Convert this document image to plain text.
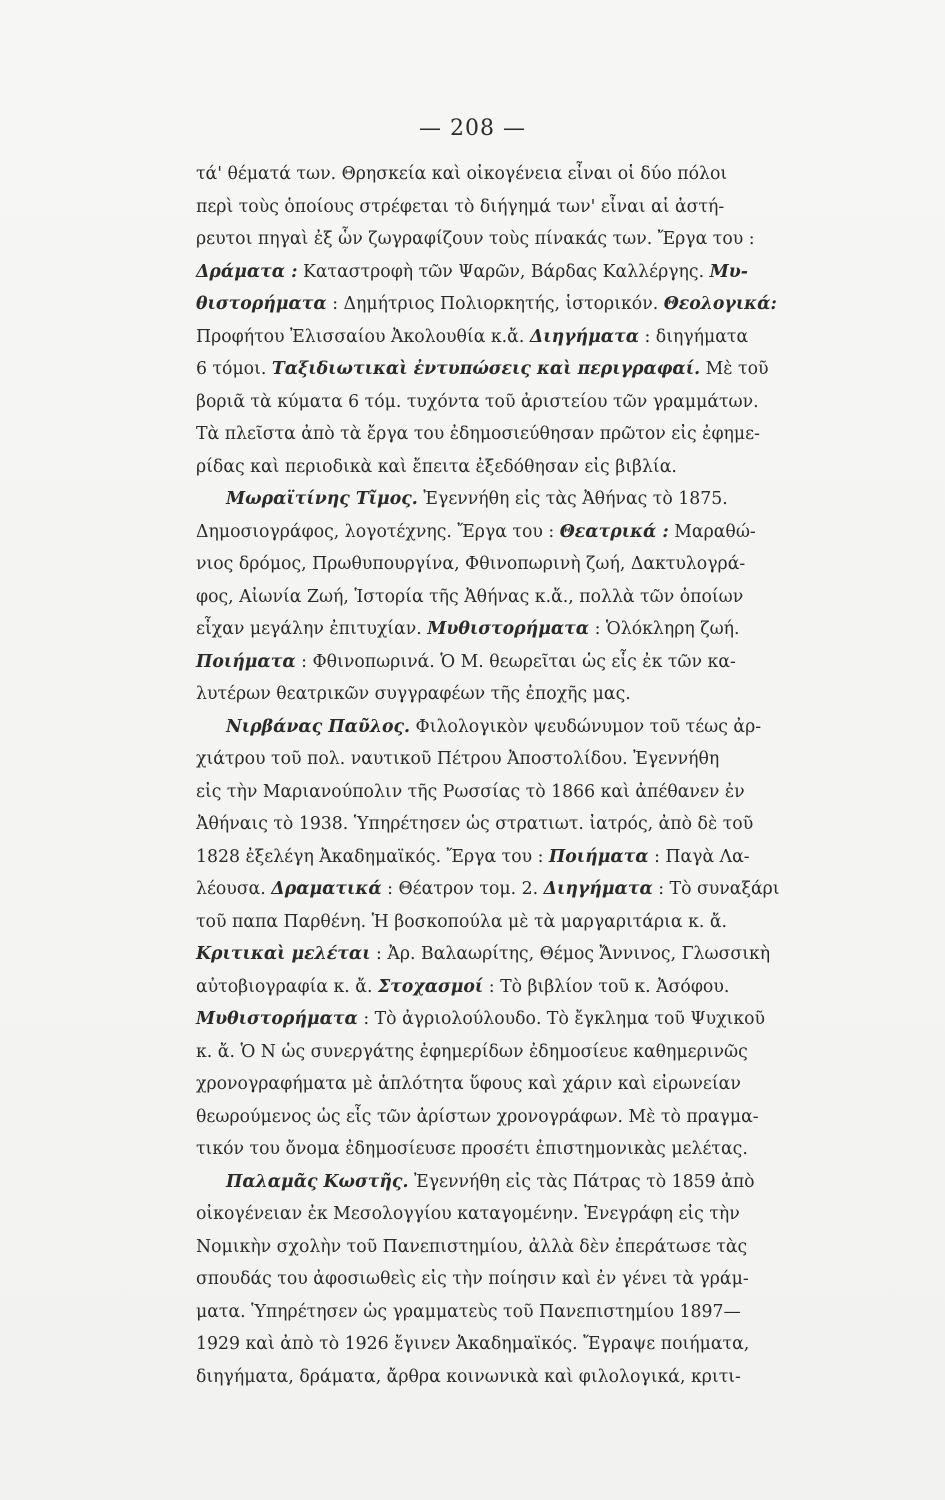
— 208 —
τά' θέματά των. Θρησκεία καὶ οἰκογένεια εἶναι οἱ δύο πόλοι
περὶ τοὺς ὁποίους στρέφεται τὸ διήγημά των' εἶναι αἱ ἀστή-
ρευτοι πηγαὶ ἐξ ὧν ζωγραφίζουν τοὺς πίνακάς των. Ἔργα του :
Δράματα : Καταστροφὴ τῶν Ψαρῶν, Βάρδας Καλλέργης. Μυ-
θιστορήματα : Δημήτριος Πολιορκητής, ἱστορικόν. Θεολογικά:
Προφήτου Ἐλισσαίου Ἀκολουθία κ.ἄ. Διηγήματα : διηγήματα
6 τόμοι. Ταξιδιωτικαὶ ἐντυπώσεις καὶ περιγραφαί. Μὲ τοῦ
βοριᾶ τὰ κύματα 6 τόμ. τυχόντα τοῦ ἀριστείου τῶν γραμμάτων.
Τὰ πλεῖστα ἀπὸ τὰ ἔργα του ἐδημοσιεύθησαν πρῶτον εἰς ἐφημε-
ρίδας καὶ περιοδικὰ καὶ ἔπειτα ἐξεδόθησαν εἰς βιβλία.
Μωραϊτίνης Τῖμος. Ἐγεννήθη εἰς τὰς Ἀθήνας τὸ 1875.
Δημοσιογράφος, λογοτέχνης. Ἔργα του : Θεατρικά : Μαραθώ-
νιος δρόμος, Πρωθυπουργίνα, Φθινοπωρινὴ ζωή, Δακτυλογρά-
φος, Αἰωνία Ζωή, Ἱστορία τῆς Ἀθήνας κ.ἄ., πολλὰ τῶν ὁποίων
εἶχαν μεγάλην ἐπιτυχίαν. Μυθιστορήματα : Ὁλόκληρη ζωή.
Ποιήματα : Φθινοπωρινά. Ὁ Μ. θεωρεῖται ὡς εἷς ἐκ τῶν κα-
λυτέρων θεατρικῶν συγγραφέων τῆς ἐποχῆς μας.
Νιρβάνας Παῦλος. Φιλολογικὸν ψευδώνυμον τοῦ τέως ἀρ-
χιάτρου τοῦ πολ. ναυτικοῦ Πέτρου Ἀποστολίδου. Ἐγεννήθη
εἰς τὴν Μαριανούπολιν τῆς Ρωσσίας τὸ 1866 καὶ ἀπέθανεν ἐν
Ἀθήναις τὸ 1938. Ὑπηρέτησεν ὡς στρατιωτ. ἰατρός, ἀπὸ δὲ τοῦ
1828 ἐξελέγη Ἀκαδημαϊκός. Ἔργα του : Ποιήματα : Παγὰ Λα-
λέουσα. Δραματικά : Θέατρον τομ. 2. Διηγήματα : Τὸ συναξάρι
τοῦ παπα Παρθένη. Ἡ βοσκοπούλα μὲ τὰ μαργαριτάρια κ. ἄ.
Κριτικαὶ μελέται : Ἀρ. Βαλαωρίτης, Θέμος Ἄννινος, Γλωσσικὴ
αὐτοβιογραφία κ. ἄ. Στοχασμοί : Τὸ βιβλίον τοῦ κ. Ἀσόφου.
Μυθιστορήματα : Τὸ ἀγριολούλουδο. Τὸ ἔγκλημα τοῦ Ψυχικοῦ
κ. ἄ. Ὁ Ν ὡς συνεργάτης ἐφημερίδων ἐδημοσίευε καθημερινῶς
χρονογραφήματα μὲ ἁπλότητα ὕφους καὶ χάριν καὶ εἰρωνείαν
θεωρούμενος ὡς εἷς τῶν ἀρίστων χρονογράφων. Μὲ τὸ πραγμα-
τικόν του ὄνομα ἐδημοσίευσε προσέτι ἐπιστημονικὰς μελέτας.
Παλαμᾶς Κωστῆς. Ἐγεννήθη εἰς τὰς Πάτρας τὸ 1859 ἀπὸ
οἰκογένειαν ἐκ Μεσολογγίου καταγομένην. Ἐνεγράφη εἰς τὴν
Νομικὴν σχολὴν τοῦ Πανεπιστημίου, ἀλλὰ δὲν ἐπεράτωσε τὰς
σπουδάς του ἀφοσιωθεὶς εἰς τὴν ποίησιν καὶ ἐν γένει τὰ γράμ-
ματα. Ὑπηρέτησεν ὡς γραμματεὺς τοῦ Πανεπιστημίου 1897—
1929 καὶ ἀπὸ τὸ 1926 ἔγινεν Ἀκαδημαϊκός. Ἔγραψε ποιήματα,
διηγήματα, δράματα, ἄρθρα κοινωνικὰ καὶ φιλολογικά, κριτι-
